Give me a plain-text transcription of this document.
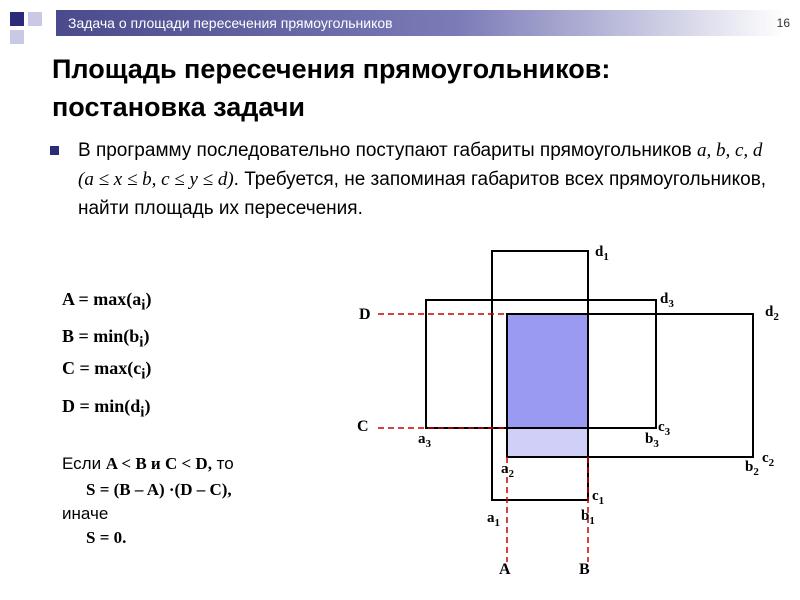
Задача о площади пересечения прямоугольников	16
Площадь пересечения прямоугольников: постановка задачи
В программу последовательно поступают габариты прямоугольников a, b, c, d (a ≤ x ≤ b, c ≤ y ≤ d). Требуется, не запоминая габаритов всех прямоугольников, найти площадь их пересечения.
$A = \max(a_i)$
$B = \min(b_i)$
$C = \max(c_i)$
$D = \min(d_i)$
Если A < B и C < D, то
S = (B – A) ·(D – C),
иначе
S = 0.
$d_1$
$d_3$	$d_2$
$c_3$
$b_3$
$a_3$
$c_2$
$b_2$
$a_2$
$c_1$
$b_1$
$a_1$
D
C
A	B
